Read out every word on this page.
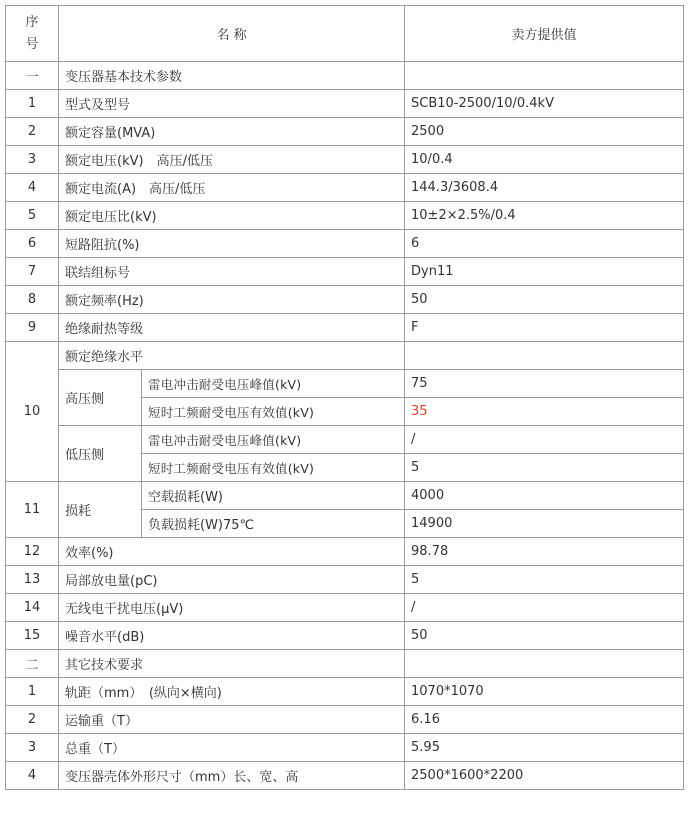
序号	名 称		卖方提供值
一	变压器基本技术参数		
1	型式及型号		SCB10-2500/10/0.4kV
2	额定容量(MVA)		2500
3	额定电压(kV)　高压/低压		10/0.4
4	额定电流(A)　高压/低压		144.3/3608.4
5	额定电压比(kV)		10±2×2.5%/0.4
6	短路阻抗(%)		6
7	联结组标号		Dyn11
8	额定频率(Hz)		50
9	绝缘耐热等级		F
10	额定绝缘水平		
	高压侧	雷电冲击耐受电压峰值(kV)	75
		短时工频耐受电压有效值(kV)	35
	低压侧	雷电冲击耐受电压峰值(kV)	/
		短时工频耐受电压有效值(kV)	5
11	损耗	空载损耗(W)	4000
		负载损耗(W)75℃	14900
12	效率(%)		98.78
13	局部放电量(pC)		5
14	无线电干扰电压(μV)		/
15	噪音水平(dB)		50
二	其它技术要求		
1	轨距（mm）　(纵向×横向)		1070*1070
2	运输重（T）		6.16
3	总重（T）		5.95
4	变压器壳体外形尺寸（mm）长、宽、高		2500*1600*2200
